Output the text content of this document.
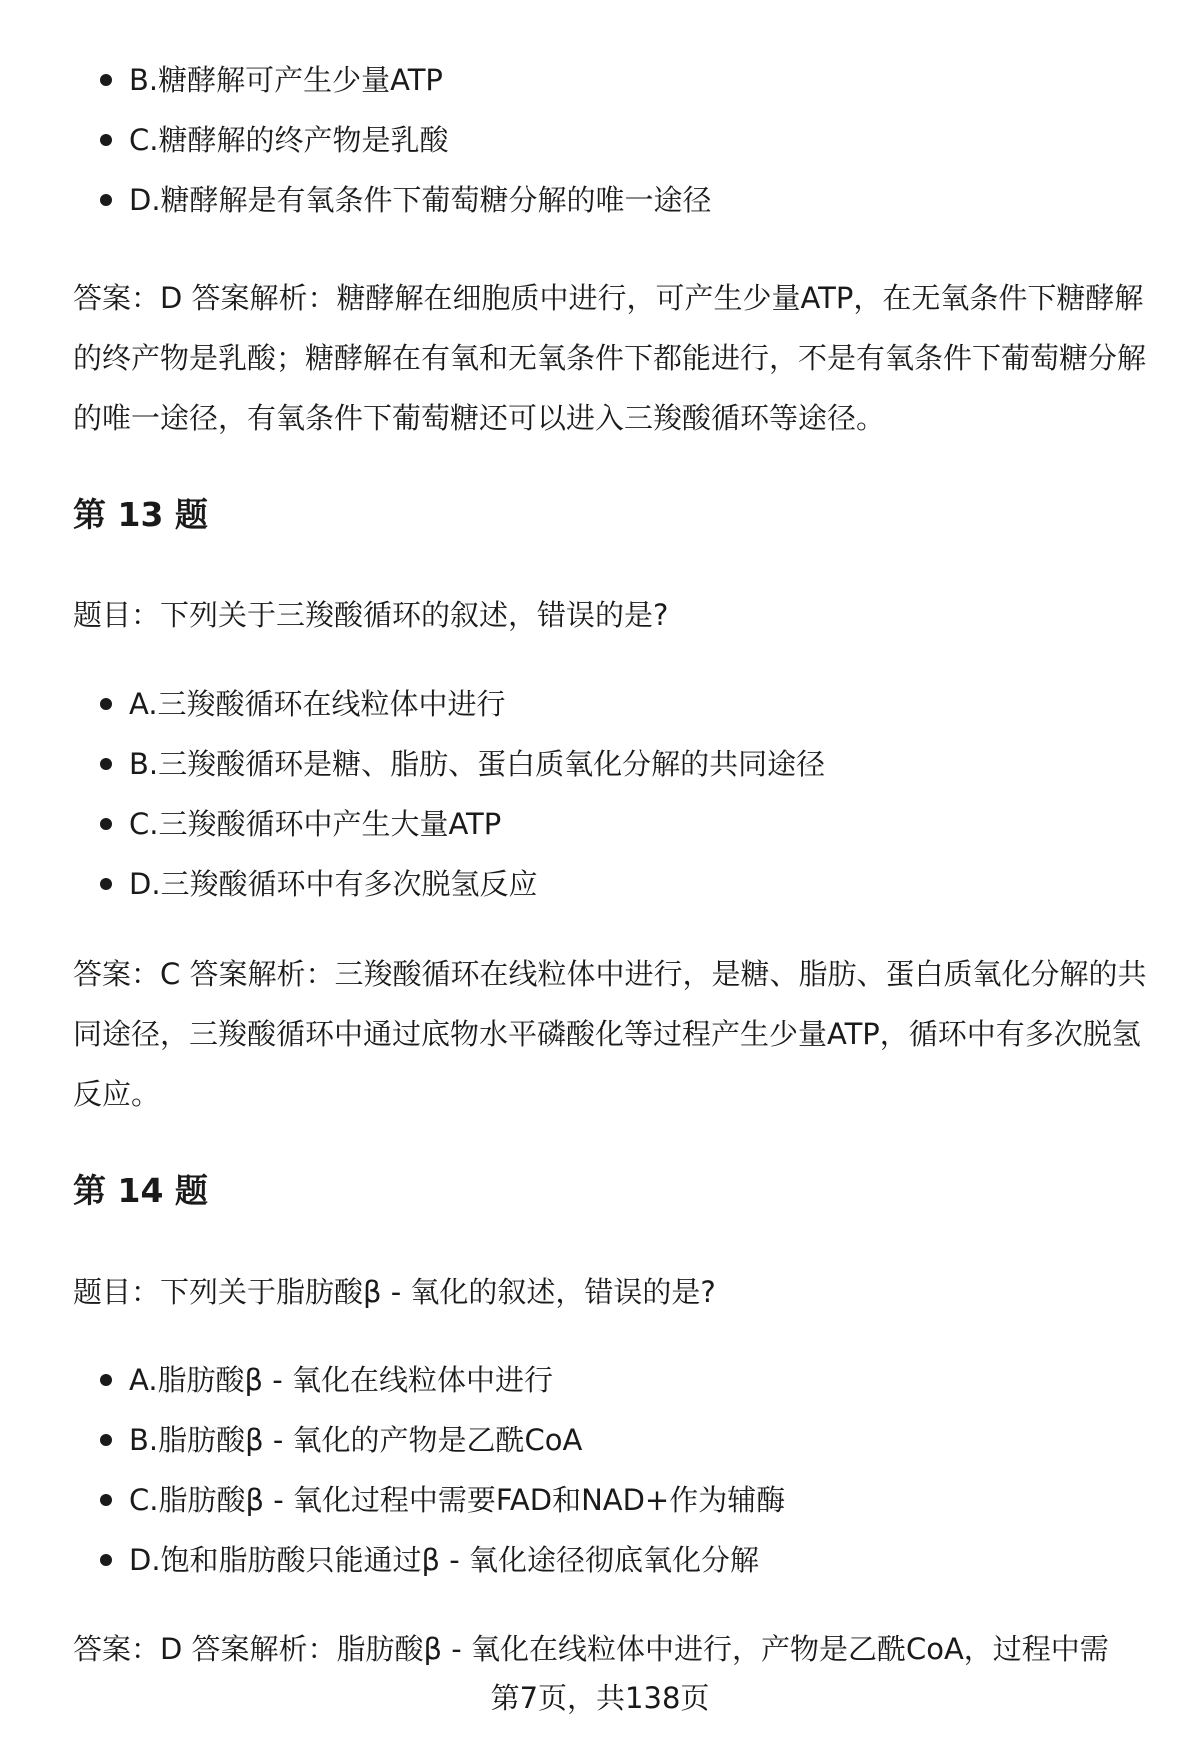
B.糖酵解可产生少量ATP
C.糖酵解的终产物是乳酸
D.糖酵解是有氧条件下葡萄糖分解的唯一途径

答案：D 答案解析：糖酵解在细胞质中进行，可产生少量ATP，在无氧条件下糖酵解的终产物是乳酸；糖酵解在有氧和无氧条件下都能进行，不是有氧条件下葡萄糖分解的唯一途径，有氧条件下葡萄糖还可以进入三羧酸循环等途径。

第 13 题

题目：下列关于三羧酸循环的叙述，错误的是?

A.三羧酸循环在线粒体中进行
B.三羧酸循环是糖、脂肪、蛋白质氧化分解的共同途径
C.三羧酸循环中产生大量ATP
D.三羧酸循环中有多次脱氢反应

答案：C 答案解析：三羧酸循环在线粒体中进行，是糖、脂肪、蛋白质氧化分解的共同途径，三羧酸循环中通过底物水平磷酸化等过程产生少量ATP，循环中有多次脱氢反应。

第 14 题

题目：下列关于脂肪酸β - 氧化的叙述，错误的是?

A.脂肪酸β - 氧化在线粒体中进行
B.脂肪酸β - 氧化的产物是乙酰CoA
C.脂肪酸β - 氧化过程中需要FAD和NAD+作为辅酶
D.饱和脂肪酸只能通过β - 氧化途径彻底氧化分解

答案：D 答案解析：脂肪酸β - 氧化在线粒体中进行，产物是乙酰CoA，过程中需

第7页，共138页
